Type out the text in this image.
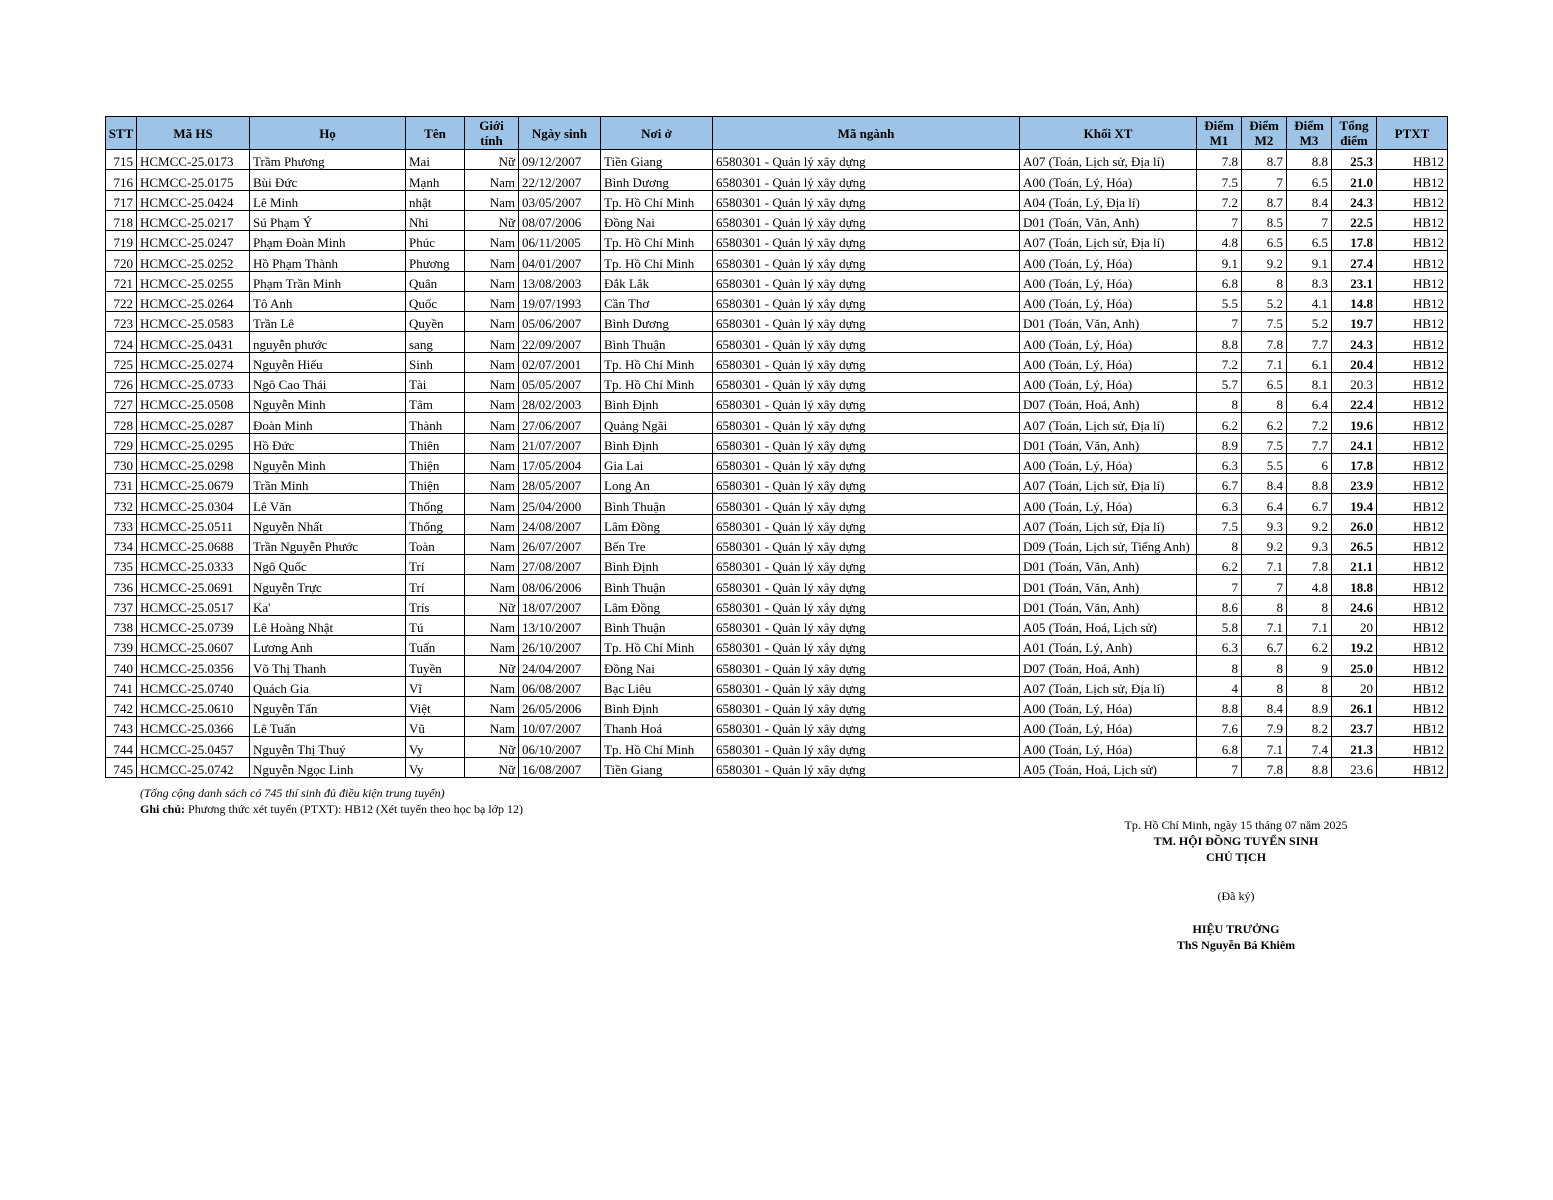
STT	Mã HS	Họ	Tên	Giới tính	Ngày sinh	Nơi ở	Mã ngành	Khối XT	Điểm M1	Điểm M2	Điểm M3	Tổng điểm	PTXT
715	HCMCC-25.0173	Trầm Phương	Mai	Nữ	09/12/2007	Tiền Giang	6580301 - Quản lý xây dựng	A07 (Toán, Lịch sử, Địa lí)	7.8	8.7	8.8	25.3	HB12
716	HCMCC-25.0175	Bùi Đức	Mạnh	Nam	22/12/2007	Bình Dương	6580301 - Quản lý xây dựng	A00 (Toán, Lý, Hóa)	7.5	7	6.5	21.0	HB12
717	HCMCC-25.0424	Lê Minh	nhật	Nam	03/05/2007	Tp. Hồ Chí Minh	6580301 - Quản lý xây dựng	A04 (Toán, Lý, Địa lí)	7.2	8.7	8.4	24.3	HB12
718	HCMCC-25.0217	Sú Phạm Ý	Nhi	Nữ	08/07/2006	Đồng Nai	6580301 - Quản lý xây dựng	D01 (Toán, Văn, Anh)	7	8.5	7	22.5	HB12
719	HCMCC-25.0247	Phạm Đoàn Minh	Phúc	Nam	06/11/2005	Tp. Hồ Chí Minh	6580301 - Quản lý xây dựng	A07 (Toán, Lịch sử, Địa lí)	4.8	6.5	6.5	17.8	HB12
720	HCMCC-25.0252	Hồ Phạm Thành	Phương	Nam	04/01/2007	Tp. Hồ Chí Minh	6580301 - Quản lý xây dựng	A00 (Toán, Lý, Hóa)	9.1	9.2	9.1	27.4	HB12
721	HCMCC-25.0255	Phạm Trần Minh	Quân	Nam	13/08/2003	Đắk Lắk	6580301 - Quản lý xây dựng	A00 (Toán, Lý, Hóa)	6.8	8	8.3	23.1	HB12
722	HCMCC-25.0264	Tô Anh	Quốc	Nam	19/07/1993	Cần Thơ	6580301 - Quản lý xây dựng	A00 (Toán, Lý, Hóa)	5.5	5.2	4.1	14.8	HB12
723	HCMCC-25.0583	Trần Lê	Quyền	Nam	05/06/2007	Bình Dương	6580301 - Quản lý xây dựng	D01 (Toán, Văn, Anh)	7	7.5	5.2	19.7	HB12
724	HCMCC-25.0431	nguyễn phước	sang	Nam	22/09/2007	Bình Thuận	6580301 - Quản lý xây dựng	A00 (Toán, Lý, Hóa)	8.8	7.8	7.7	24.3	HB12
725	HCMCC-25.0274	Nguyễn Hiếu	Sinh	Nam	02/07/2001	Tp. Hồ Chí Minh	6580301 - Quản lý xây dựng	A00 (Toán, Lý, Hóa)	7.2	7.1	6.1	20.4	HB12
726	HCMCC-25.0733	Ngô Cao Thái	Tài	Nam	05/05/2007	Tp. Hồ Chí Minh	6580301 - Quản lý xây dựng	A00 (Toán, Lý, Hóa)	5.7	6.5	8.1	20.3	HB12
727	HCMCC-25.0508	Nguyễn Minh	Tâm	Nam	28/02/2003	Bình Định	6580301 - Quản lý xây dựng	D07 (Toán, Hoá, Anh)	8	8	6.4	22.4	HB12
728	HCMCC-25.0287	Đoàn Minh	Thành	Nam	27/06/2007	Quảng Ngãi	6580301 - Quản lý xây dựng	A07 (Toán, Lịch sử, Địa lí)	6.2	6.2	7.2	19.6	HB12
729	HCMCC-25.0295	Hồ Đức	Thiên	Nam	21/07/2007	Bình Định	6580301 - Quản lý xây dựng	D01 (Toán, Văn, Anh)	8.9	7.5	7.7	24.1	HB12
730	HCMCC-25.0298	Nguyễn Minh	Thiện	Nam	17/05/2004	Gia Lai	6580301 - Quản lý xây dựng	A00 (Toán, Lý, Hóa)	6.3	5.5	6	17.8	HB12
731	HCMCC-25.0679	Trần Minh	Thiện	Nam	28/05/2007	Long An	6580301 - Quản lý xây dựng	A07 (Toán, Lịch sử, Địa lí)	6.7	8.4	8.8	23.9	HB12
732	HCMCC-25.0304	Lê Văn	Thống	Nam	25/04/2000	Bình Thuận	6580301 - Quản lý xây dựng	A00 (Toán, Lý, Hóa)	6.3	6.4	6.7	19.4	HB12
733	HCMCC-25.0511	Nguyễn Nhất	Thống	Nam	24/08/2007	Lâm Đồng	6580301 - Quản lý xây dựng	A07 (Toán, Lịch sử, Địa lí)	7.5	9.3	9.2	26.0	HB12
734	HCMCC-25.0688	Trần Nguyễn Phước	Toàn	Nam	26/07/2007	Bến Tre	6580301 - Quản lý xây dựng	D09 (Toán, Lịch sử, Tiếng Anh)	8	9.2	9.3	26.5	HB12
735	HCMCC-25.0333	Ngô Quốc	Trí	Nam	27/08/2007	Bình Định	6580301 - Quản lý xây dựng	D01 (Toán, Văn, Anh)	6.2	7.1	7.8	21.1	HB12
736	HCMCC-25.0691	Nguyễn Trực	Trí	Nam	08/06/2006	Bình Thuận	6580301 - Quản lý xây dựng	D01 (Toán, Văn, Anh)	7	7	4.8	18.8	HB12
737	HCMCC-25.0517	Ka'	Trís	Nữ	18/07/2007	Lâm Đồng	6580301 - Quản lý xây dựng	D01 (Toán, Văn, Anh)	8.6	8	8	24.6	HB12
738	HCMCC-25.0739	Lê Hoàng Nhật	Tú	Nam	13/10/2007	Bình Thuận	6580301 - Quản lý xây dựng	A05 (Toán, Hoá, Lịch sử)	5.8	7.1	7.1	20	HB12
739	HCMCC-25.0607	Lương Anh	Tuấn	Nam	26/10/2007	Tp. Hồ Chí Minh	6580301 - Quản lý xây dựng	A01 (Toán, Lý, Anh)	6.3	6.7	6.2	19.2	HB12
740	HCMCC-25.0356	Võ Thị Thanh	Tuyền	Nữ	24/04/2007	Đồng Nai	6580301 - Quản lý xây dựng	D07 (Toán, Hoá, Anh)	8	8	9	25.0	HB12
741	HCMCC-25.0740	Quách Gia	Vĩ	Nam	06/08/2007	Bạc Liêu	6580301 - Quản lý xây dựng	A07 (Toán, Lịch sử, Địa lí)	4	8	8	20	HB12
742	HCMCC-25.0610	Nguyễn Tấn	Việt	Nam	26/05/2006	Bình Định	6580301 - Quản lý xây dựng	A00 (Toán, Lý, Hóa)	8.8	8.4	8.9	26.1	HB12
743	HCMCC-25.0366	Lê Tuấn	Vũ	Nam	10/07/2007	Thanh Hoá	6580301 - Quản lý xây dựng	A00 (Toán, Lý, Hóa)	7.6	7.9	8.2	23.7	HB12
744	HCMCC-25.0457	Nguyễn Thị Thuý	Vy	Nữ	06/10/2007	Tp. Hồ Chí Minh	6580301 - Quản lý xây dựng	A00 (Toán, Lý, Hóa)	6.8	7.1	7.4	21.3	HB12
745	HCMCC-25.0742	Nguyễn Ngọc Linh	Vy	Nữ	16/08/2007	Tiền Giang	6580301 - Quản lý xây dựng	A05 (Toán, Hoá, Lịch sử)	7	7.8	8.8	23.6	HB12
(Tổng cộng danh sách có 745 thí sinh đủ điều kiện trung tuyển)
Ghi chú: Phương thức xét tuyển (PTXT): HB12 (Xét tuyển theo học bạ lớp 12)
Tp. Hồ Chí Minh, ngày 15 tháng 07 năm 2025
TM. HỘI ĐỒNG TUYỂN SINH
CHỦ TỊCH
(Đã ký)
HIỆU TRƯỞNG
ThS Nguyễn Bá Khiêm
